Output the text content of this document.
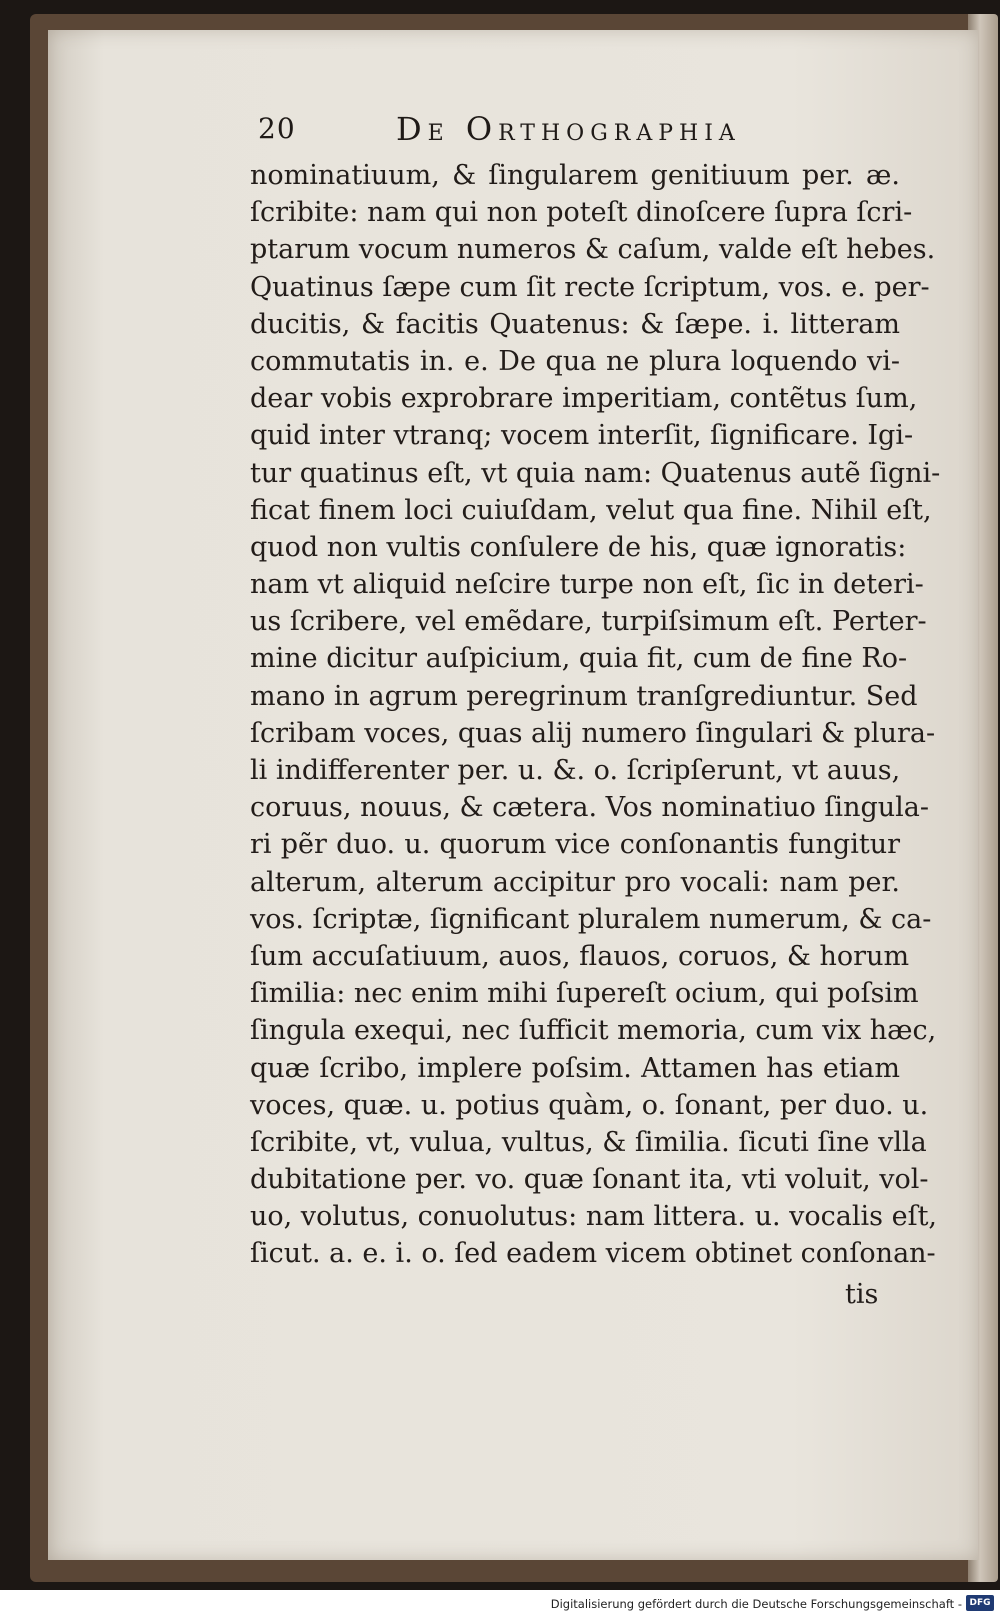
20	De Orthographia
nominatiuum, & ſingularem genitiuum per. æ.
ſcribite: nam qui non poteſt dinoſcere ſupra ſcri-
ptarum vocum numeros & caſum, valde eſt hebes.
Quatinus ſæpe cum ſit recte ſcriptum, vos. e. per-
ducitis, & facitis Quatenus: & ſæpe. i. litteram
commutatis in. e. De qua ne plura loquendo vi-
dear vobis exprobrare imperitiam, contẽtus ſum,
quid inter vtranq; vocem interſit, ſignificare. Igi-
tur quatinus eſt, vt quia nam: Quatenus autẽ ſigni-
ficat finem loci cuiuſdam, velut qua fine. Nihil eſt,
quod non vultis conſulere de his, quæ ignoratis:
nam vt aliquid neſcire turpe non eſt, ſic in deteri-
us ſcribere, vel emẽdare, turpiſsimum eſt. Perter-
mine dicitur auſpicium, quia fit, cum de fine Ro-
mano in agrum peregrinum tranſgrediuntur. Sed
ſcribam voces, quas alij numero ſingulari & plura-
li indifferenter per. u. &. o. ſcripſerunt, vt auus,
coruus, nouus, & cætera. Vos nominatiuo ſingula-
ri pẽr duo. u. quorum vice conſonantis fungitur
alterum, alterum accipitur pro vocali: nam per.
vos. ſcriptæ, ſignificant pluralem numerum, & ca-
ſum accuſatiuum, auos, flauos, coruos, & horum
ſimilia: nec enim mihi ſupereſt ocium, qui poſsim
ſingula exequi, nec ſufficit memoria, cum vix hæc,
quæ ſcribo, implere poſsim. Attamen has etiam
voces, quæ. u. potius quàm, o. ſonant, per duo. u.
ſcribite, vt, vulua, vultus, & ſimilia. ſicuti ſine vlla
dubitatione per. vo. quæ ſonant ita, vti voluit, vol-
uo, volutus, conuolutus: nam littera. u. vocalis eſt,
ſicut. a. e. i. o. ſed eadem vicem obtinet conſonan-
tis
Digitalisierung gefördert durch die Deutsche Forschungsgemeinschaft - DFG
